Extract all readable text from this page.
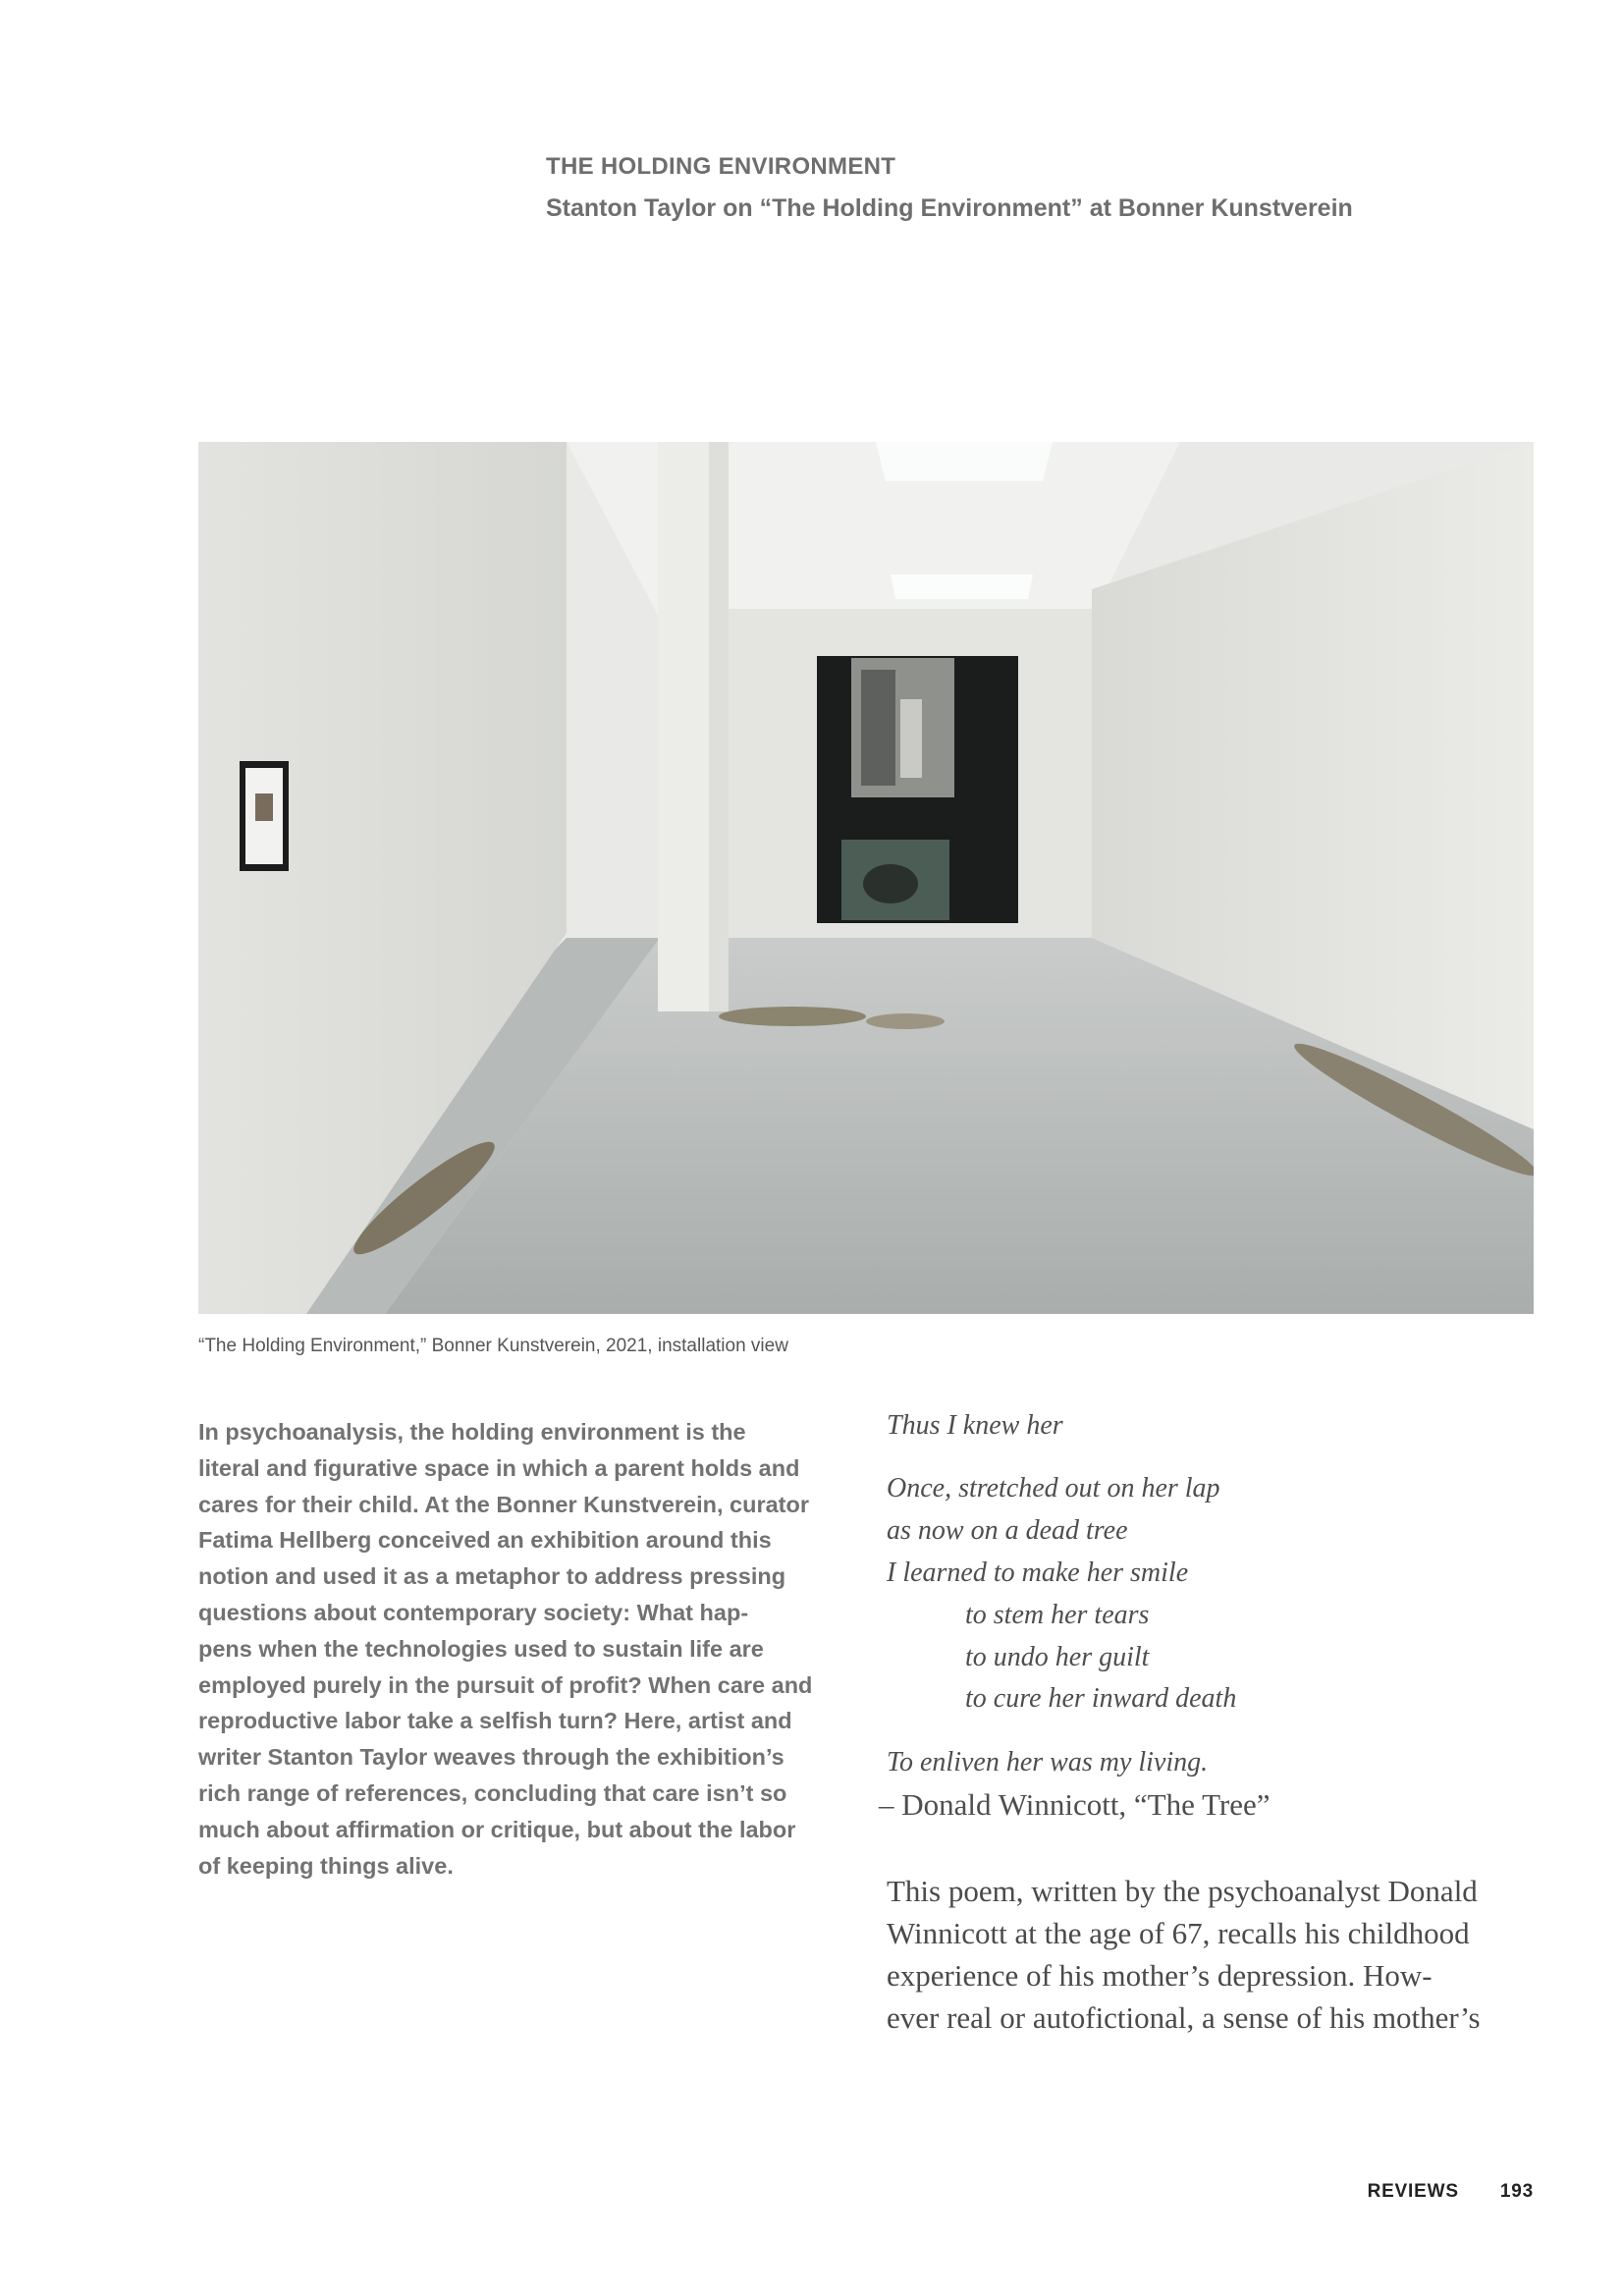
THE HOLDING ENVIRONMENT
Stanton Taylor on “The Holding Environment” at Bonner Kunstverein
“The Holding Environment,” Bonner Kunstverein, 2021, installation view

In psychoanalysis, the holding environment is the
literal and figurative space in which a parent holds and
cares for their child. At the Bonner Kunstverein, curator
Fatima Hellberg conceived an exhibition around this
notion and used it as a metaphor to address pressing
questions about contemporary society: What hap-
pens when the technologies used to sustain life are
employed purely in the pursuit of profit? When care and
reproductive labor take a selfish turn? Here, artist and
writer Stanton Taylor weaves through the exhibition’s
rich range of references, concluding that care isn’t so
much about affirmation or critique, but about the labor
of keeping things alive.

Thus I knew her
Once, stretched out on her lap
as now on a dead tree
I learned to make her smile
to stem her tears
to undo her guilt
to cure her inward death
To enliven her was my living.
– Donald Winnicott, “The Tree”
This poem, written by the psychoanalyst Donald
Winnicott at the age of 67, recalls his childhood
experience of his mother’s depression. How-
ever real or autofictional, a sense of his mother’s
REVIEWS 193
